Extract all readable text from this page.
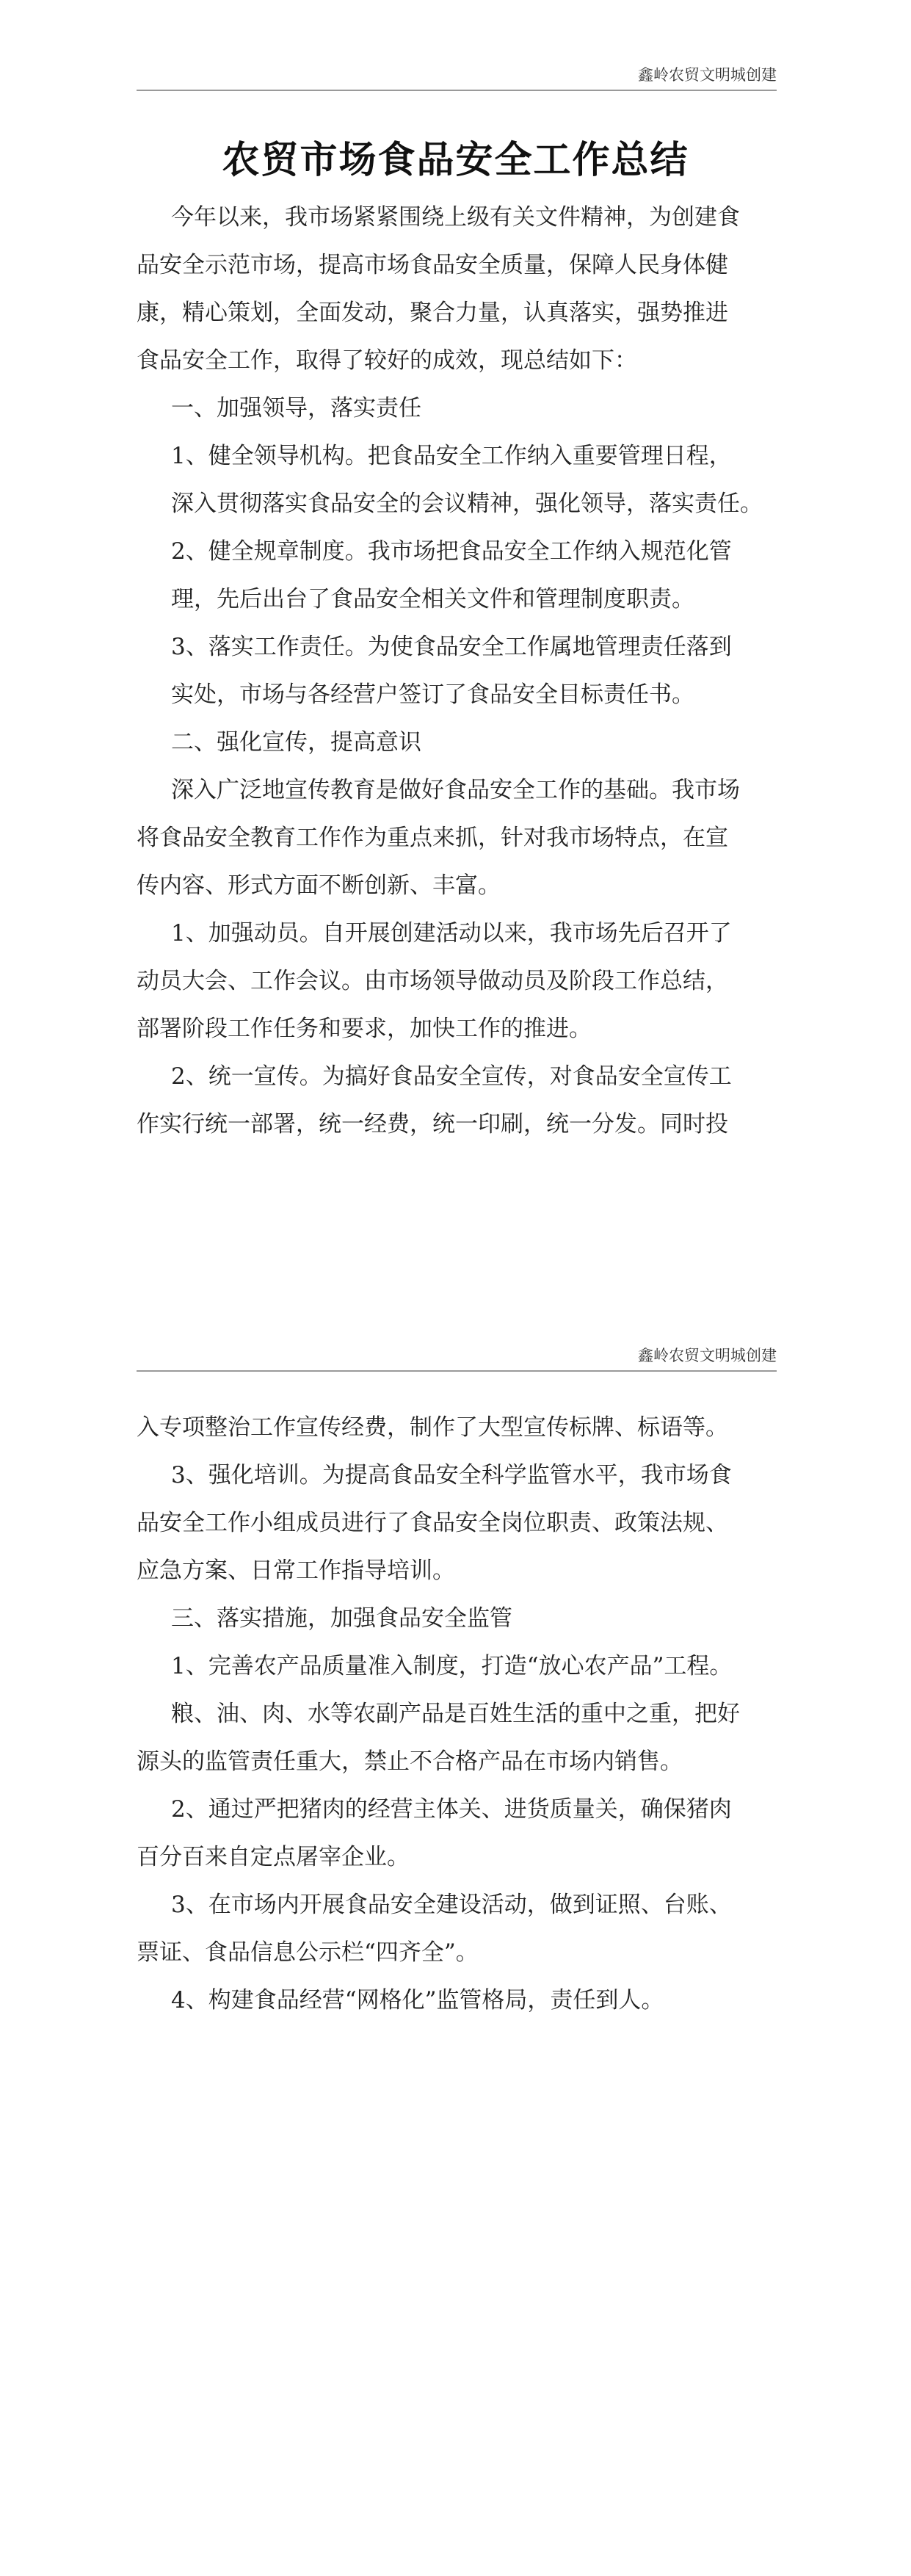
鑫岭农贸文明城创建
农贸市场食品安全工作总结
今年以来，我市场紧紧围绕上级有关文件精神，为创建食
品安全示范市场，提高市场食品安全质量，保障人民身体健
康，精心策划，全面发动，聚合力量，认真落实，强势推进
食品安全工作，取得了较好的成效，现总结如下：
一、加强领导，落实责任
1、健全领导机构。把食品安全工作纳入重要管理日程，
深入贯彻落实食品安全的会议精神，强化领导，落实责任。
2、健全规章制度。我市场把食品安全工作纳入规范化管
理，先后出台了食品安全相关文件和管理制度职责。
3、落实工作责任。为使食品安全工作属地管理责任落到
实处，市场与各经营户签订了食品安全目标责任书。
二、强化宣传，提高意识
深入广泛地宣传教育是做好食品安全工作的基础。我市场
将食品安全教育工作作为重点来抓，针对我市场特点，在宣
传内容、形式方面不断创新、丰富。
1、加强动员。自开展创建活动以来，我市场先后召开了
动员大会、工作会议。由市场领导做动员及阶段工作总结，
部署阶段工作任务和要求，加快工作的推进。
2、统一宣传。为搞好食品安全宣传，对食品安全宣传工
作实行统一部署，统一经费，统一印刷，统一分发。同时投
鑫岭农贸文明城创建
入专项整治工作宣传经费，制作了大型宣传标牌、标语等。
3、强化培训。为提高食品安全科学监管水平，我市场食
品安全工作小组成员进行了食品安全岗位职责、政策法规、
应急方案、日常工作指导培训。
三、落实措施，加强食品安全监管
1、完善农产品质量准入制度，打造“放心农产品”工程。
粮、油、肉、水等农副产品是百姓生活的重中之重，把好
源头的监管责任重大，禁止不合格产品在市场内销售。
2、通过严把猪肉的经营主体关、进货质量关，确保猪肉
百分百来自定点屠宰企业。
3、在市场内开展食品安全建设活动，做到证照、台账、
票证、食品信息公示栏“四齐全”。
4、构建食品经营“网格化”监管格局，责任到人。
